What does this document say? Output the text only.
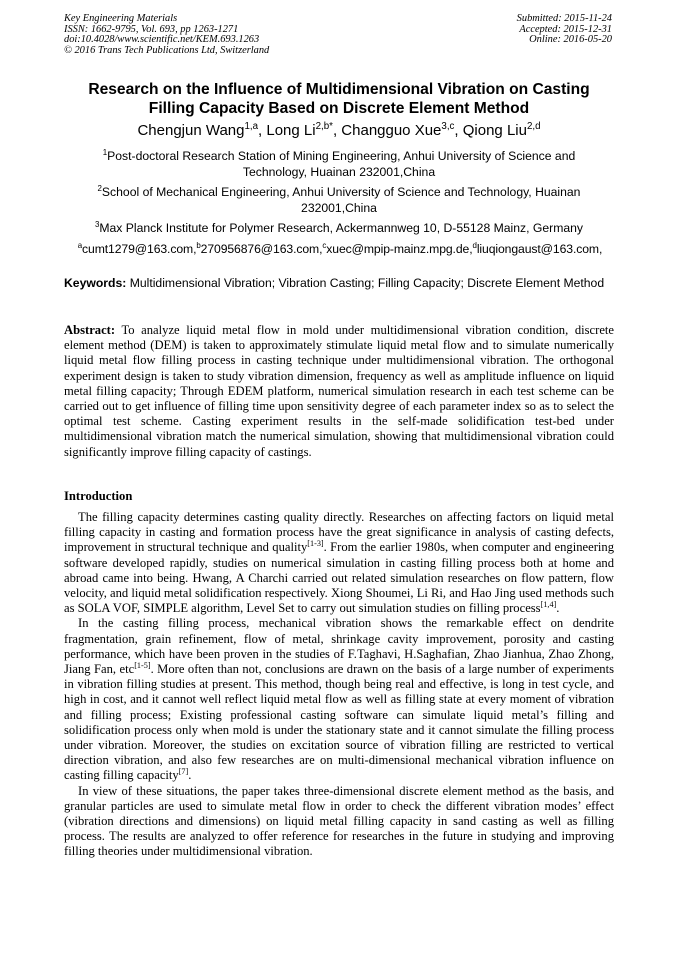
Key Engineering Materials
ISSN: 1662-9795, Vol. 693, pp 1263-1271
doi:10.4028/www.scientific.net/KEM.693.1263
© 2016 Trans Tech Publications Ltd, Switzerland
Submitted: 2015-11-24
Accepted: 2015-12-31
Online: 2016-05-20
Research on the Influence of Multidimensional Vibration on Casting
Filling Capacity Based on Discrete Element Method
Chengjun Wang$^{1,a}$, Long $Li^{2,b*}$, Changguo Xue$^{3,c}$, Qiong Liu$^{2,d}$
$^1$Post-doctoral Research Station of Mining Engineering, Anhui University of Science and Technology, Huainan 232001,China
$^2$School of Mechanical Engineering, Anhui University of Science and Technology, Huainan 232001,China
$^3$Max Planck Institute for Polymer Research, Ackermannweg 10, D-55128 Mainz, Germany
$^a$cumt1279@163.com,$^b$270956876@163.com,$^c$xuec@mpip-mainz.mpg.de,$^d$liuqiongaust@163.com,
Keywords: Multidimensional Vibration; Vibration Casting; Filling Capacity; Discrete Element Method
Abstract: To analyze liquid metal flow in mold under multidimensional vibration condition, discrete element method (DEM) is taken to approximately stimulate liquid metal flow and to simulate numerically liquid metal flow filling process in casting technique under multidimensional vibration. The orthogonal experiment design is taken to study vibration dimension, frequency as well as amplitude influence on liquid metal filling capacity; Through EDEM platform, numerical simulation research in each test scheme can be carried out to get influence of filling time upon sensitivity degree of each parameter index so as to select the optimal test scheme. Casting experiment results in the self-made solidification test-bed under multidimensional vibration match the numerical simulation, showing that multidimensional vibration could significantly improve filling capacity of castings.
Introduction

The filling capacity determines casting quality directly. Researches on affecting factors on liquid metal filling capacity in casting and formation process have the great significance in analysis of casting defects, improvement in structural technique and quality[1-3]. From the earlier 1980s, when computer and engineering software developed rapidly, studies on numerical simulation in casting filling process both at home and abroad came into being. Hwang, A Charchi carried out related simulation researches on flow pattern, flow velocity, and liquid metal solidification respectively. Xiong Shoumei, Li Ri, and Hao Jing used methods such as SOLA VOF, SIMPLE algorithm, Level Set to carry out simulation studies on filling process[1,4].

In the casting filling process, mechanical vibration shows the remarkable effect on dendrite fragmentation, grain refinement, flow of metal, shrinkage cavity improvement, porosity and casting performance, which have been proven in the studies of F.Taghavi, H.Saghafian, Zhao Jianhua, Zhao Zhong, Jiang Fan, etc[1-5]. More often than not, conclusions are drawn on the basis of a large number of experiments in vibration filling studies at present. This method, though being real and effective, is long in test cycle, and high in cost, and it cannot well reflect liquid metal flow as well as filling state at every moment of vibration and filling process; Existing professional casting software can simulate liquid metal’s filling and solidification process only when mold is under the stationary state and it cannot simulate the filling process under vibration. Moreover, the studies on excitation source of vibration filling are restricted to vertical direction vibration, and also few researches are on multi-dimensional mechanical vibration influence on casting filling capacity[7].

In view of these situations, the paper takes three-dimensional discrete element method as the basis, and granular particles are used to simulate metal flow in order to check the different vibration modes’ effect (vibration directions and dimensions) on liquid metal filling capacity in sand casting as well as filling process. The results are analyzed to offer reference for researches in the future in studying and improving filling theories under multidimensional vibration.
